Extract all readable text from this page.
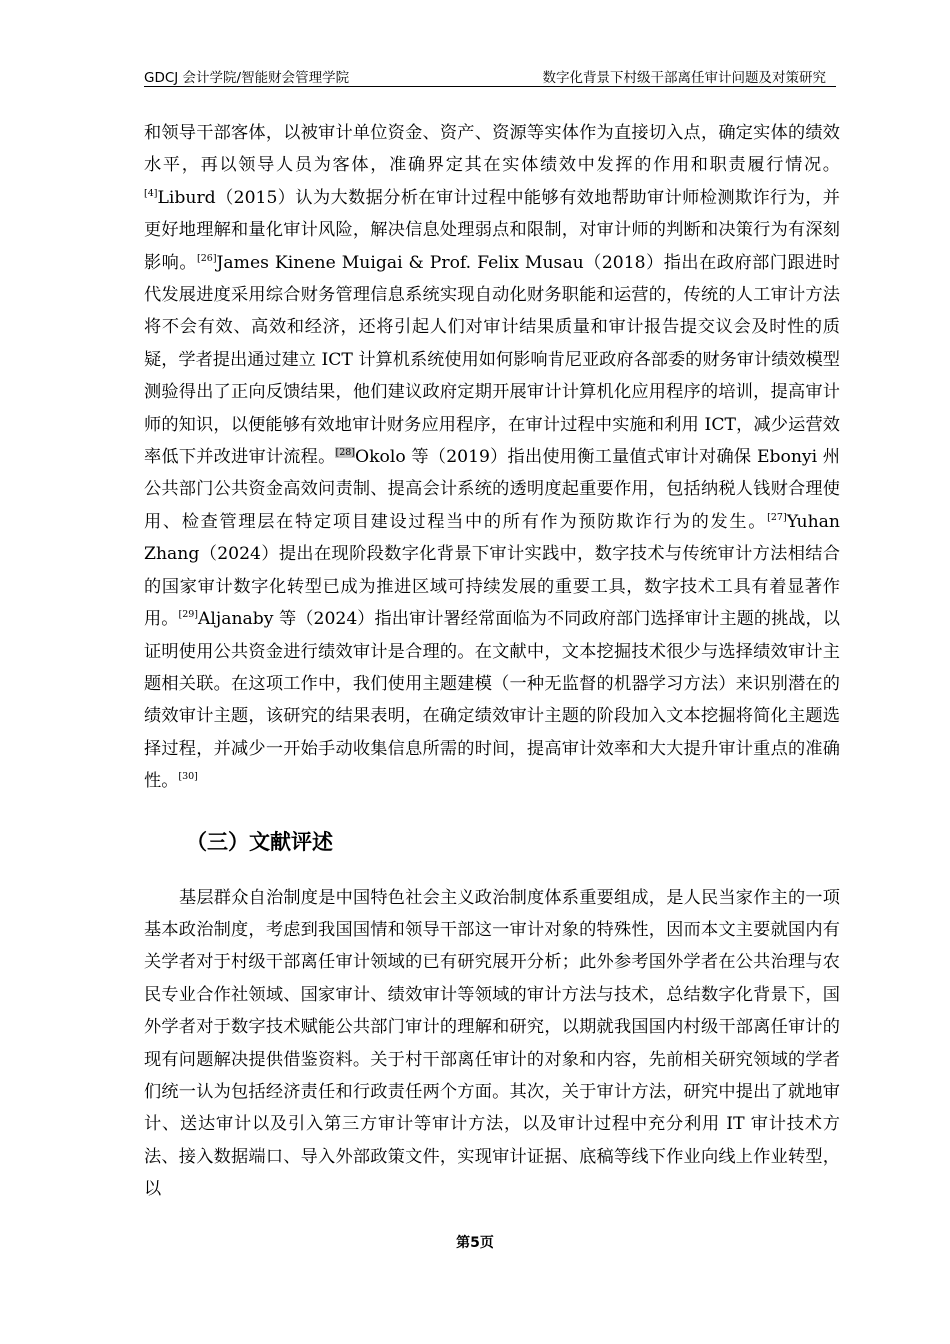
GDCJ 会计学院/智能财会管理学院	数字化背景下村级干部离任审计问题及对策研究

和领导干部客体，以被审计单位资金、资产、资源等实体作为直接切入点，确定实体的绩效水平，再以领导人员为客体，准确界定其在实体绩效中发挥的作用和职责履行情况。[4]Liburd（2015）认为大数据分析在审计过程中能够有效地帮助审计师检测欺诈行为，并更好地理解和量化审计风险，解决信息处理弱点和限制，对审计师的判断和决策行为有深刻影响。[26]James Kinene Muigai & Prof. Felix Musau（2018）指出在政府部门跟进时代发展进度采用综合财务管理信息系统实现自动化财务职能和运营的，传统的人工审计方法将不会有效、高效和经济，还将引起人们对审计结果质量和审计报告提交议会及时性的质疑，学者提出通过建立 ICT 计算机系统使用如何影响肯尼亚政府各部委的财务审计绩效模型测验得出了正向反馈结果，他们建议政府定期开展审计计算机化应用程序的培训，提高审计师的知识，以便能够有效地审计财务应用程序，在审计过程中实施和利用 ICT，减少运营效率低下并改进审计流程。[28]Okolo 等（2019）指出使用衡工量值式审计对确保 Ebonyi 州公共部门公共资金高效问责制、提高会计系统的透明度起重要作用，包括纳税人钱财合理使用、检查管理层在特定项目建设过程当中的所有作为预防欺诈行为的发生。[27]Yuhan Zhang（2024）提出在现阶段数字化背景下审计实践中，数字技术与传统审计方法相结合的国家审计数字化转型已成为推进区域可持续发展的重要工具，数字技术工具有着显著作用。[29]Aljanaby 等（2024）指出审计署经常面临为不同政府部门选择审计主题的挑战，以证明使用公共资金进行绩效审计是合理的。在文献中，文本挖掘技术很少与选择绩效审计主题相关联。在这项工作中，我们使用主题建模（一种无监督的机器学习方法）来识别潜在的绩效审计主题，该研究的结果表明，在确定绩效审计主题的阶段加入文本挖掘将简化主题选择过程，并减少一开始手动收集信息所需的时间，提高审计效率和大大提升审计重点的准确性。[30]

（三）文献评述

基层群众自治制度是中国特色社会主义政治制度体系重要组成，是人民当家作主的一项基本政治制度，考虑到我国国情和领导干部这一审计对象的特殊性，因而本文主要就国内有关学者对于村级干部离任审计领域的已有研究展开分析；此外参考国外学者在公共治理与农民专业合作社领域、国家审计、绩效审计等领域的审计方法与技术，总结数字化背景下，国外学者对于数字技术赋能公共部门审计的理解和研究，以期就我国国内村级干部离任审计的现有问题解决提供借鉴资料。关于村干部离任审计的对象和内容，先前相关研究领域的学者们统一认为包括经济责任和行政责任两个方面。其次，关于审计方法，研究中提出了就地审计、送达审计以及引入第三方审计等审计方法，以及审计过程中充分利用 IT 审计技术方法、接入数据端口、导入外部政策文件，实现审计证据、底稿等线下作业向线上作业转型，以

第5页
